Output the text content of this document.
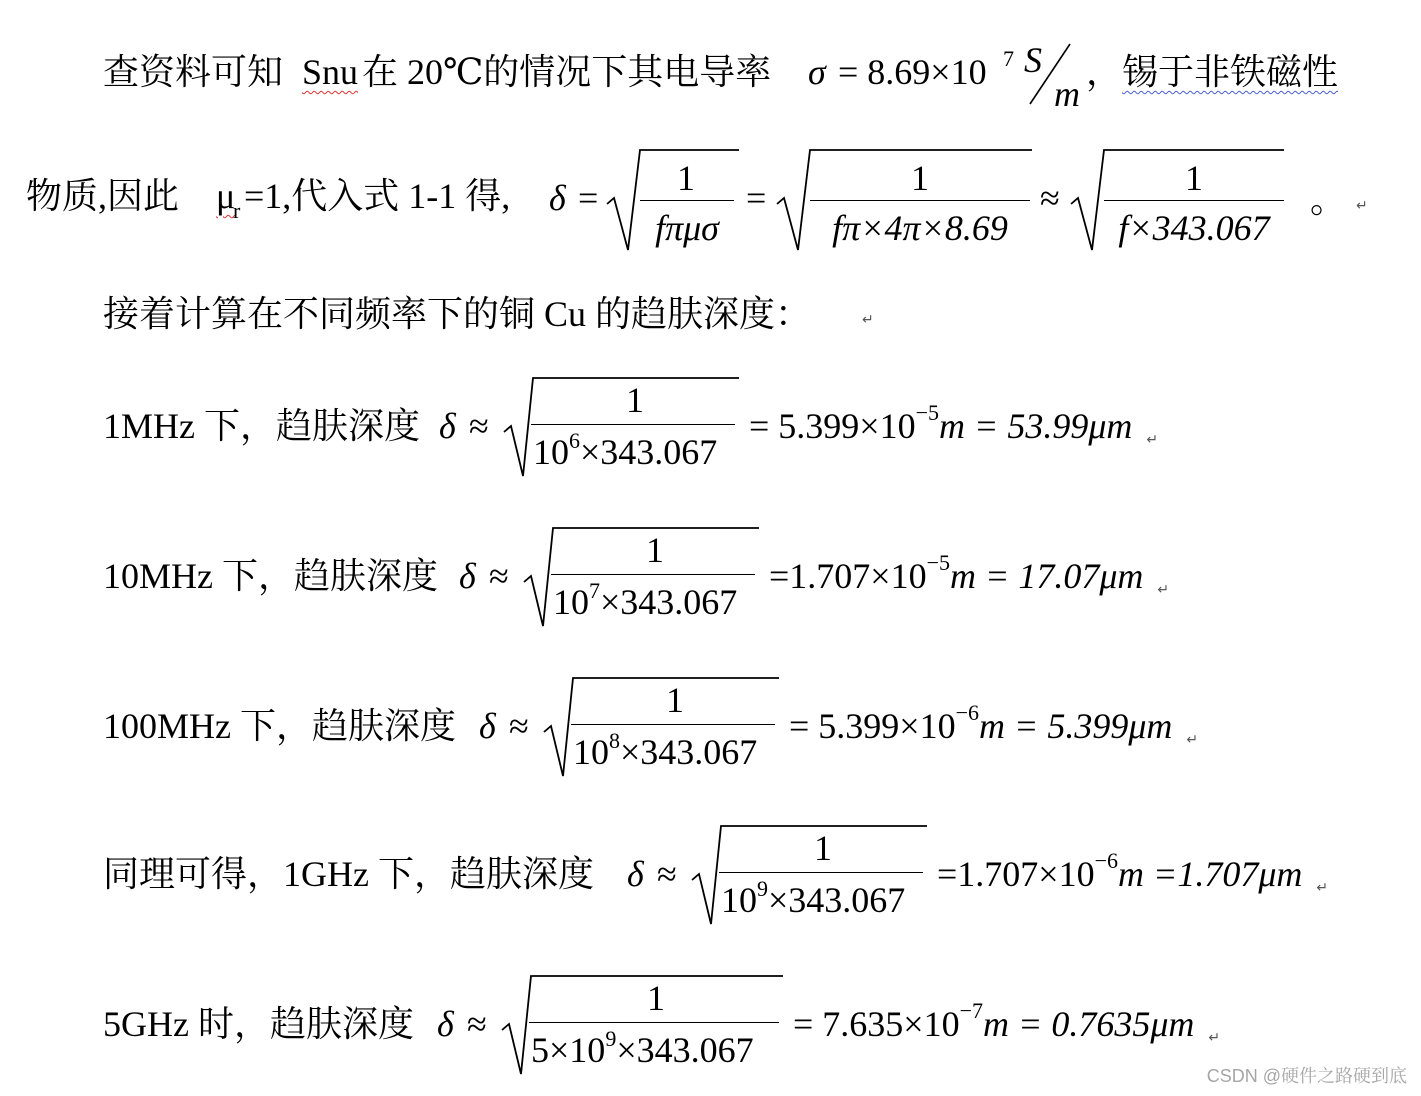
查资料可知 Snu 在 20℃的情况下其电导率 σ = 8.69×10 7 S
m
， 锡于非铁磁性
物质,因此 μ
r =1,代入式 1-1 得, δ =	1
fπμσ
=	1
fπ×4π×8.69
≈	1
f×343.067
。 ↵
接着计算在不同频率下的铜 Cu 的趋肤深度：	↵
1MHz 下，趋肤深度 δ ≈
1
$10^6\times 343.067$
= $5.399\times 10^{-5}m = 53.99\mu m$ ↵
10MHz 下，趋肤深度 δ ≈
1
$10^7\times 343.067$
$=1.707\times 10^{-5}m = 17.07\mu m$ ↵
100MHz 下，趋肤深度 δ ≈
1
$10^8\times 343.067$
= $5.399\times 10^{-6}m = 5.399\mu m$ ↵
同理可得，1GHz 下，趋肤深度 δ ≈
1
$10^9\times 343.067$
$=1.707\times 10^{-6}m =1.707\mu m$ ↵
5GHz 时，趋肤深度 δ ≈
1
$5\times 10^9\times 343.067$
= $7.635\times 10^{-7}m = 0.7635\mu m$ ↵
CSDN @硬件之路硬到底
